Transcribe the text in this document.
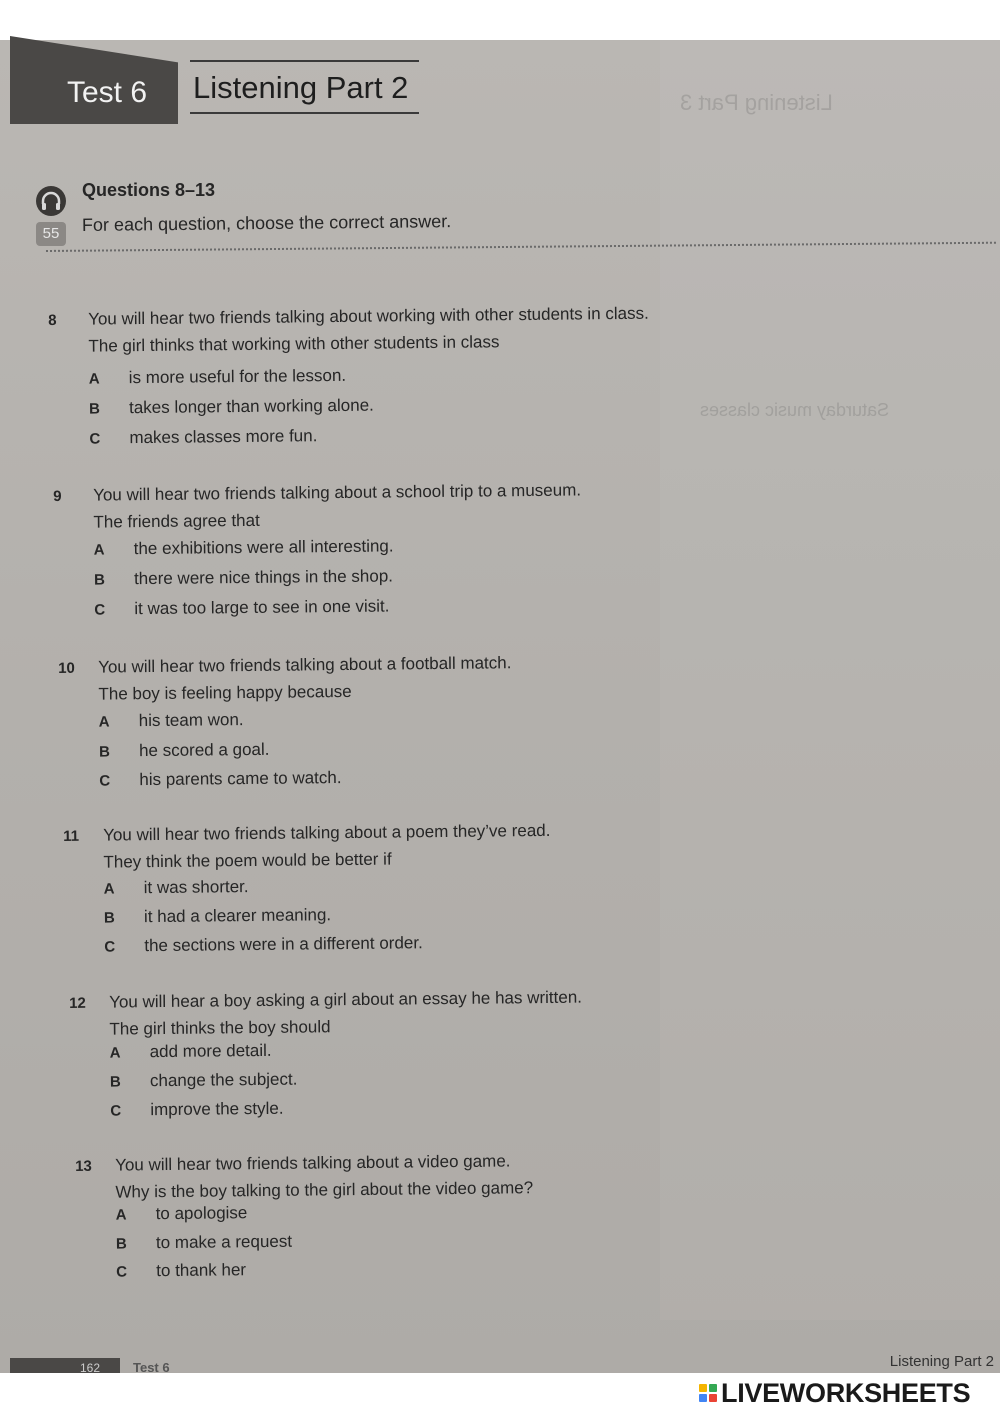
Listening Part 3
Saturday music classes
Test 6 Listening Part 2
55
Questions 8–13
For each question, choose the correct answer.
8 You will hear two friends talking about working with other students in class.
The girl thinks that working with other students in class
A is more useful for the lesson.
B takes longer than working alone.
C makes classes more fun.
9 You will hear two friends talking about a school trip to a museum.
The friends agree that
A the exhibitions were all interesting.
B there were nice things in the shop.
C it was too large to see in one visit.
10 You will hear two friends talking about a football match.
The boy is feeling happy because
A his team won.
B he scored a goal.
C his parents came to watch.
11 You will hear two friends talking about a poem they’ve read.
They think the poem would be better if
A it was shorter.
B it had a clearer meaning.
C the sections were in a different order.
12 You will hear a boy asking a girl about an essay he has written.
The girl thinks the boy should
A add more detail.
B change the subject.
C improve the style.
13 You will hear two friends talking about a video game.
Why is the boy talking to the girl about the video game?
A to apologise
B to make a request
C to thank her
162	Test 6	Listening Part 2
LIVEWORKSHEETS
